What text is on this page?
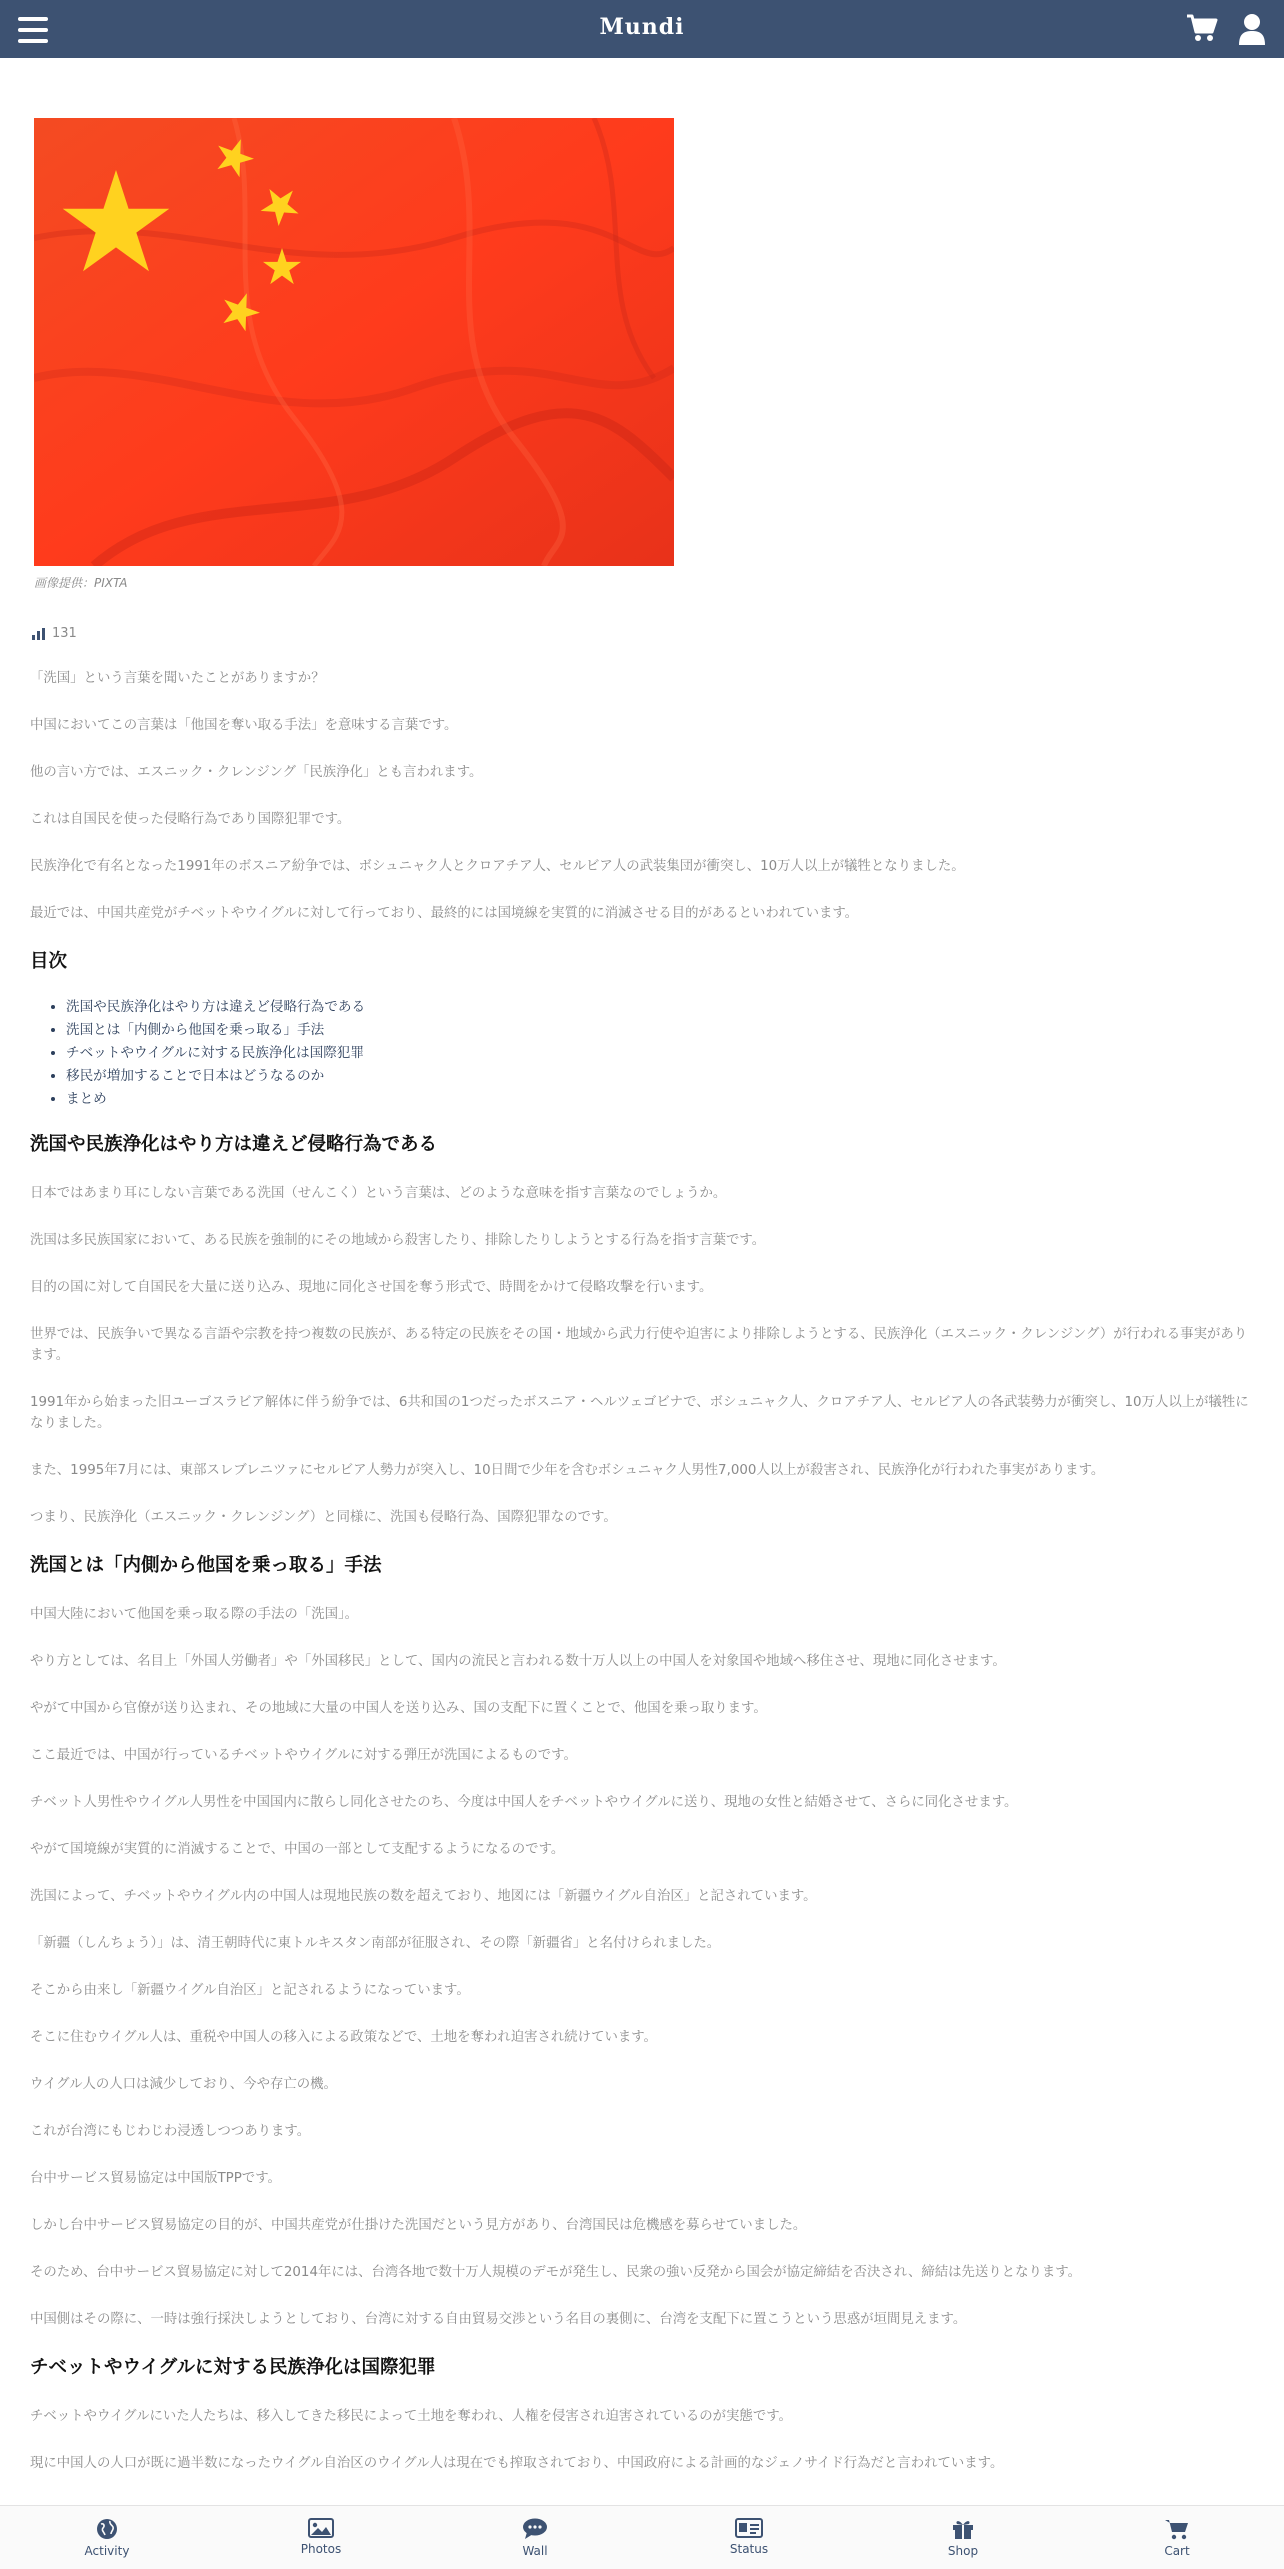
Mundi
画像提供：PIXTA
131

「洗国」という言葉を聞いたことがありますか？

中国においてこの言葉は「他国を奪い取る手法」を意味する言葉です。

他の言い方では、エスニック・クレンジング「民族浄化」とも言われます。

これは自国民を使った侵略行為であり国際犯罪です。

民族浄化で有名となった1991年のボスニア紛争では、ボシュニャク人とクロアチア人、セルビア人の武装集団が衝突し、10万人以上が犠牲となりました。

最近では、中国共産党がチベットやウイグルに対して行っており、最終的には国境線を実質的に消滅させる目的があるといわれています。

目次
• 洗国や民族浄化はやり方は違えど侵略行為である
• 洗国とは「内側から他国を乗っ取る」手法
• チベットやウイグルに対する民族浄化は国際犯罪
• 移民が増加することで日本はどうなるのか
• まとめ
洗国や民族浄化はやり方は違えど侵略行為である

日本ではあまり耳にしない言葉である洗国（せんこく）という言葉は、どのような意味を指す言葉なのでしょうか。

洗国は多民族国家において、ある民族を強制的にその地域から殺害したり、排除したりしようとする行為を指す言葉です。

目的の国に対して自国民を大量に送り込み、現地に同化させ国を奪う形式で、時間をかけて侵略攻撃を行います。

世界では、民族争いで異なる言語や宗教を持つ複数の民族が、ある特定の民族をその国・地域から武力行使や迫害により排除しようとする、民族浄化（エスニック・クレンジング）が行われる事実があります。

1991年から始まった旧ユーゴスラビア解体に伴う紛争では、6共和国の1つだったボスニア・ヘルツェゴビナで、ボシュニャク人、クロアチア人、セルビア人の各武装勢力が衝突し、10万人以上が犠牲になりました。

また、1995年7月には、東部スレブレニツァにセルビア人勢力が突入し、10日間で少年を含むボシュニャク人男性7,000人以上が殺害され、民族浄化が行われた事実があります。

つまり、民族浄化（エスニック・クレンジング）と同様に、洗国も侵略行為、国際犯罪なのです。

洗国とは「内側から他国を乗っ取る」手法

中国大陸において他国を乗っ取る際の手法の「洗国」。

やり方としては、名目上「外国人労働者」や「外国移民」として、国内の流民と言われる数十万人以上の中国人を対象国や地域へ移住させ、現地に同化させます。

やがて中国から官僚が送り込まれ、その地域に大量の中国人を送り込み、国の支配下に置くことで、他国を乗っ取ります。

ここ最近では、中国が行っているチベットやウイグルに対する弾圧が洗国によるものです。

チベット人男性やウイグル人男性を中国国内に散らし同化させたのち、今度は中国人をチベットやウイグルに送り、現地の女性と結婚させて、さらに同化させます。

やがて国境線が実質的に消滅することで、中国の一部として支配するようになるのです。

洗国によって、チベットやウイグル内の中国人は現地民族の数を超えており、地図には「新疆ウイグル自治区」と記されています。

「新疆（しんちょう）」は、清王朝時代に東トルキスタン南部が征服され、その際「新疆省」と名付けられました。

そこから由来し「新疆ウイグル自治区」と記されるようになっています。

そこに住むウイグル人は、重税や中国人の移入による政策などで、土地を奪われ迫害され続けています。

ウイグル人の人口は減少しており、今や存亡の機。

これが台湾にもじわじわ浸透しつつあります。

台中サービス貿易協定は中国版TPPです。

しかし台中サービス貿易協定の目的が、中国共産党が仕掛けた洗国だという見方があり、台湾国民は危機感を募らせていました。

そのため、台中サービス貿易協定に対して2014年には、台湾各地で数十万人規模のデモが発生し、民衆の強い反発から国会が協定締結を否決され、締結は先送りとなります。

中国側はその際に、一時は強行採決しようとしており、台湾に対する自由貿易交渉という名目の裏側に、台湾を支配下に置こうという思惑が垣間見えます。

チベットやウイグルに対する民族浄化は国際犯罪

チベットやウイグルにいた人たちは、移入してきた移民によって土地を奪われ、人権を侵害され迫害されているのが実態です。

現に中国人の人口が既に過半数になったウイグル自治区のウイグル人は現在でも搾取されており、中国政府による計画的なジェノサイド行為だと言われています。

Activity	Photos	Wall	Status	Shop	Cart
